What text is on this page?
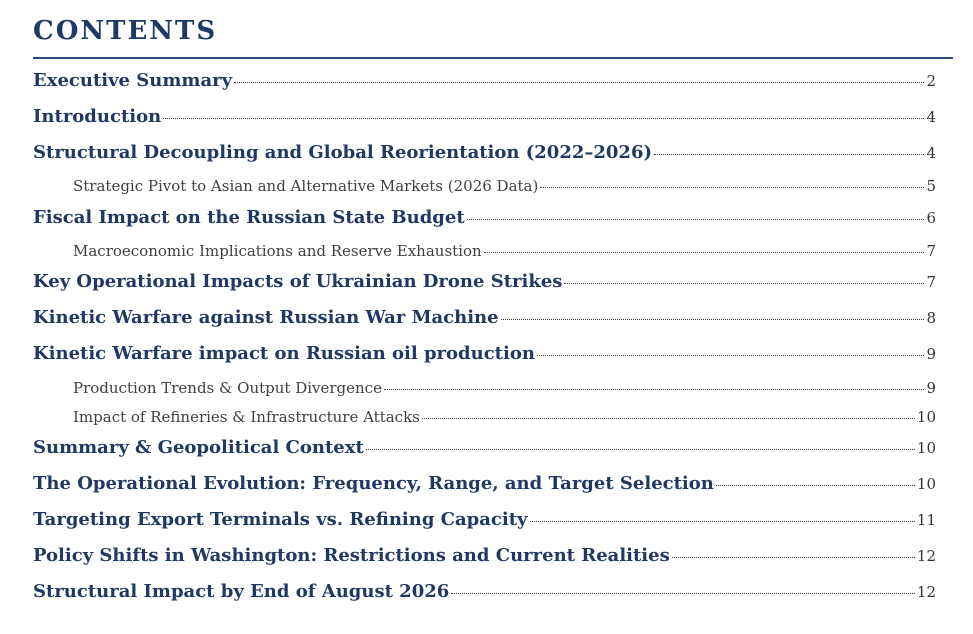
CONTENTS
Executive Summary	2
Introduction	4
Structural Decoupling and Global Reorientation (2022–2026)	4
Strategic Pivot to Asian and Alternative Markets (2026 Data)	5
Fiscal Impact on the Russian State Budget	6
Macroeconomic Implications and Reserve Exhaustion	7
Key Operational Impacts of Ukrainian Drone Strikes	7
Kinetic Warfare against Russian War Machine	8
Kinetic Warfare impact on Russian oil production	9
Production Trends & Output Divergence	9
Impact of Refineries & Infrastructure Attacks	10
Summary & Geopolitical Context	10
The Operational Evolution: Frequency, Range, and Target Selection	10
Targeting Export Terminals vs. Refining Capacity	11
Policy Shifts in Washington: Restrictions and Current Realities	12
Structural Impact by End of August 2026	12
